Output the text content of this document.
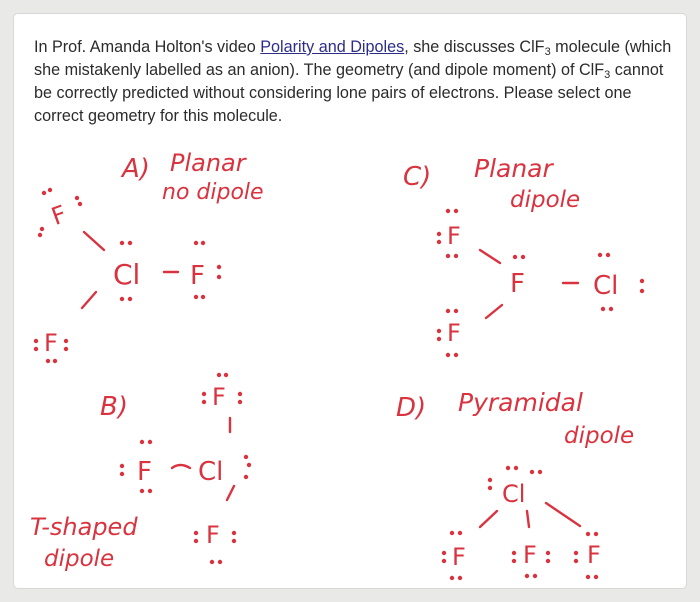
In Prof. Amanda Holton's video Polarity and Dipoles, she discusses ClF$_3$ molecule (which she mistakenly labelled as an anion). The geometry (and dipole moment) of ClF$_3$ cannot be correctly predicted without considering lone pairs of electrons. Please select one correct geometry for this molecule.
A) Planar
no dipole
F
Cl F
F
C) Planar
dipole
F
F	Cl
F
B)	F
F Cl
F
T-shaped
dipole
D) Pyramidal
dipole
Cl
F F F
